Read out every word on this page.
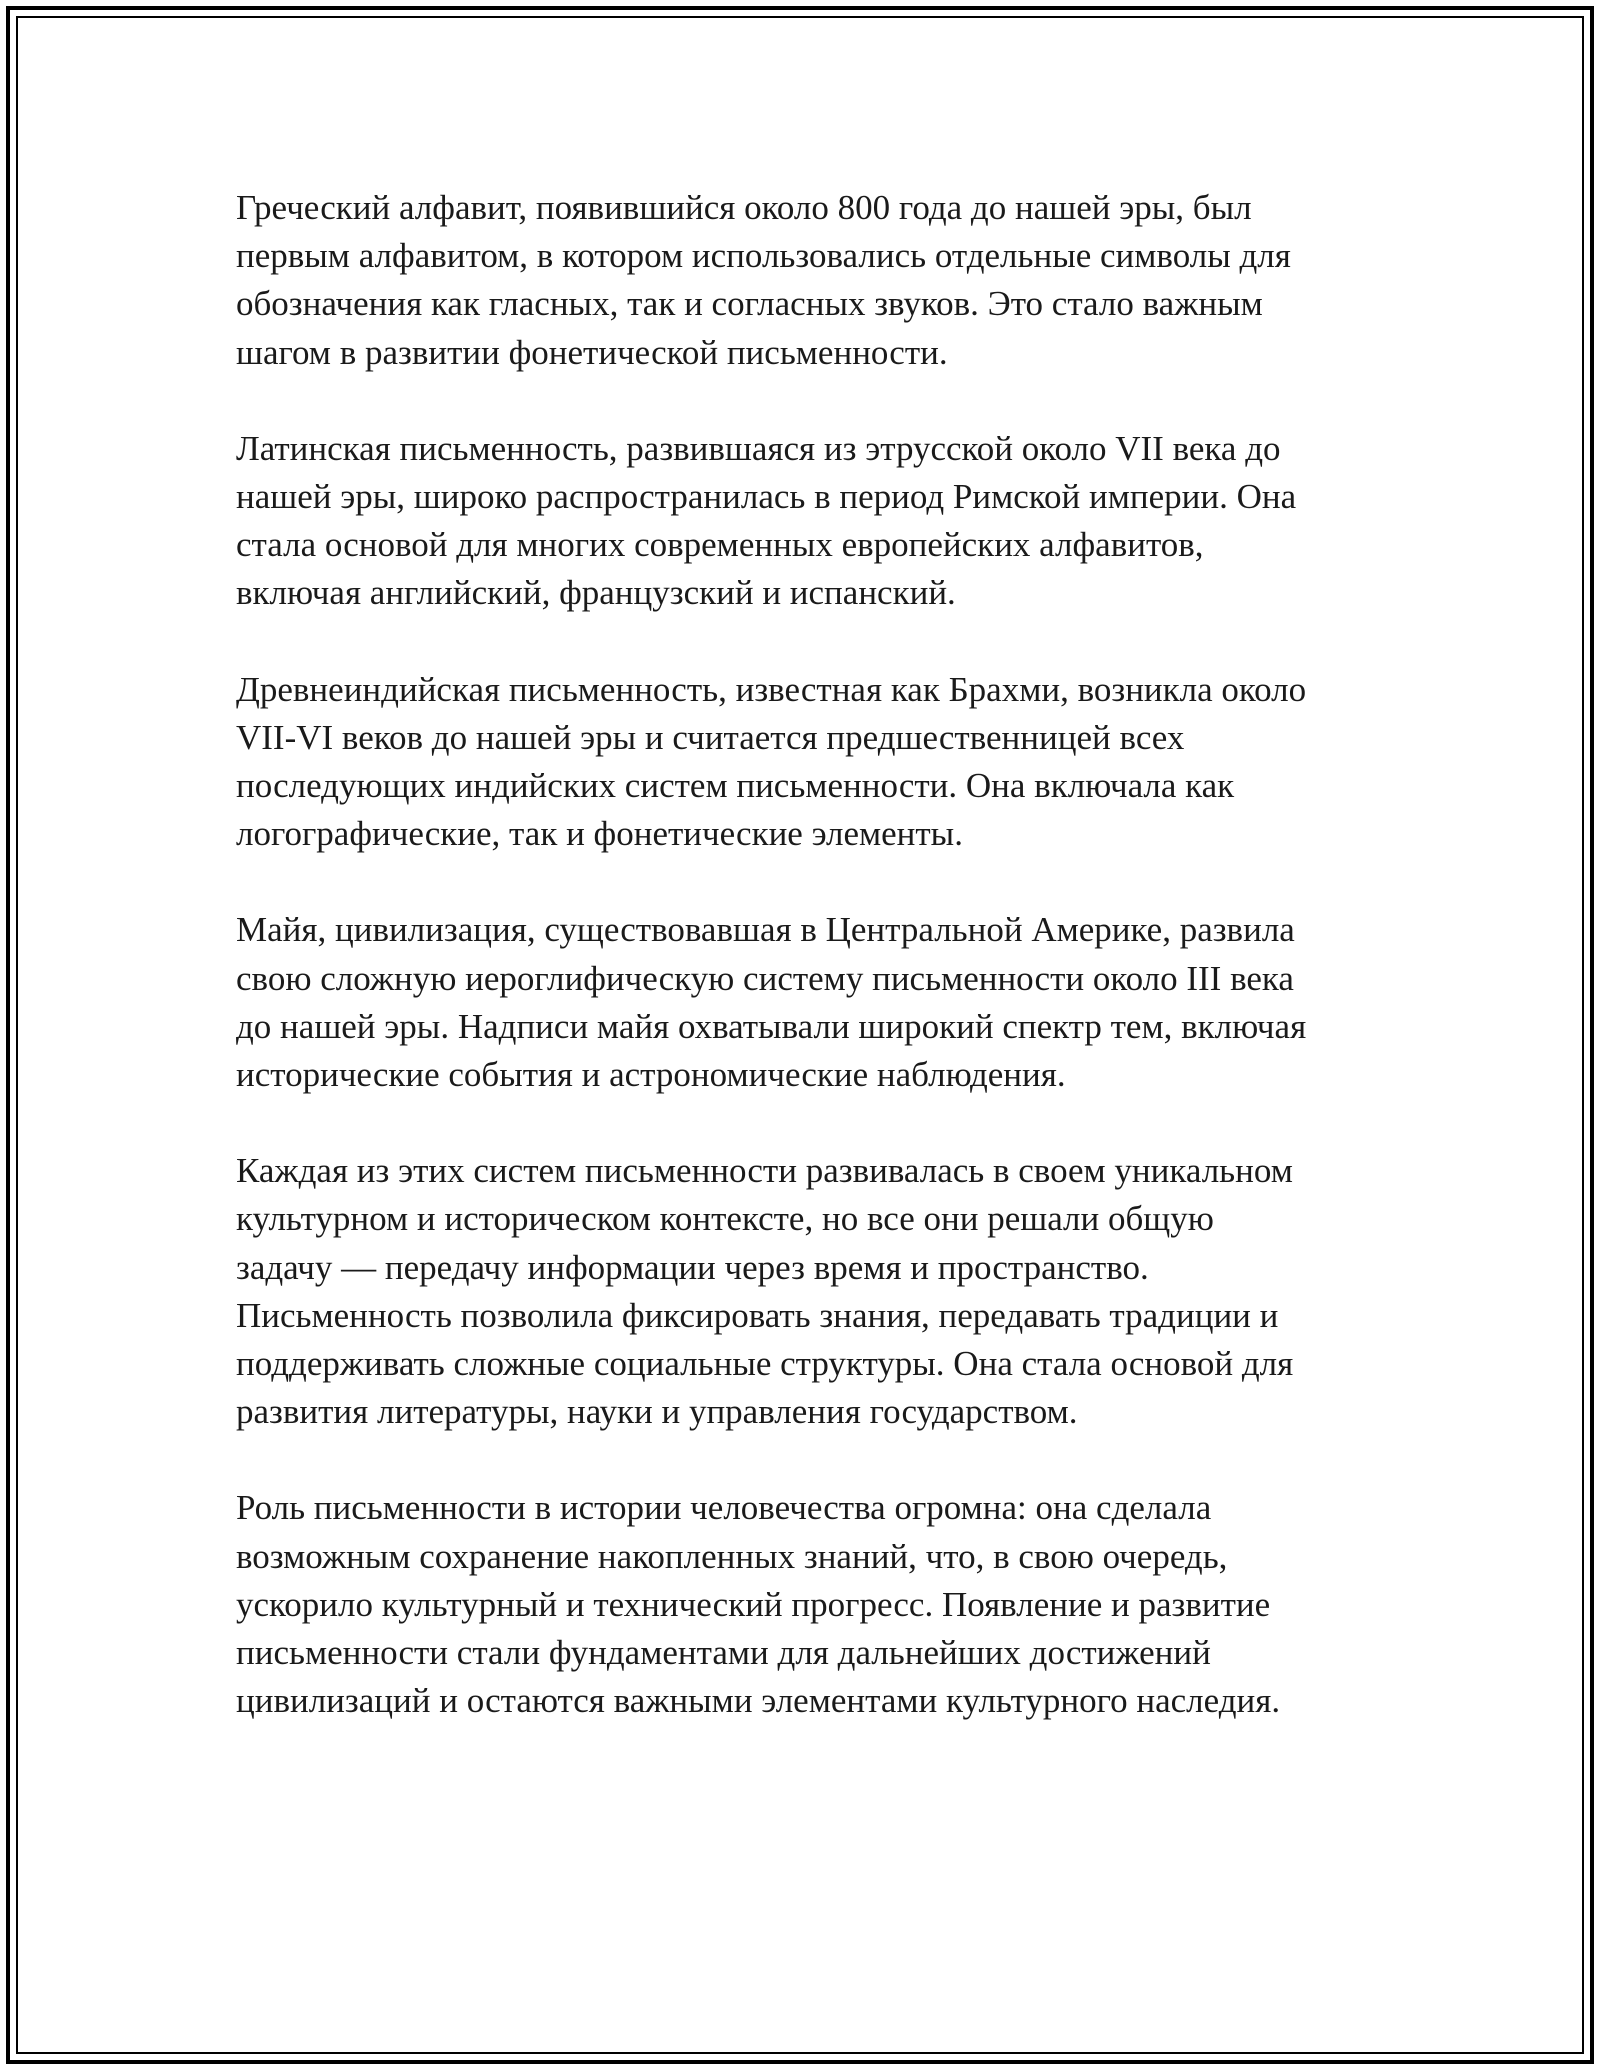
Греческий алфавит, появившийся около 800 года до нашей эры, был
первым алфавитом, в котором использовались отдельные символы для
обозначения как гласных, так и согласных звуков. Это стало важным
шагом в развитии фонетической письменности.

Латинская письменность, развившаяся из этрусской около VII века до
нашей эры, широко распространилась в период Римской империи. Она
стала основой для многих современных европейских алфавитов,
включая английский, французский и испанский.

Древнеиндийская письменность, известная как Брахми, возникла около
VII-VI веков до нашей эры и считается предшественницей всех
последующих индийских систем письменности. Она включала как
логографические, так и фонетические элементы.

Майя, цивилизация, существовавшая в Центральной Америке, развила
свою сложную иероглифическую систему письменности около III века
до нашей эры. Надписи майя охватывали широкий спектр тем, включая
исторические события и астрономические наблюдения.

Каждая из этих систем письменности развивалась в своем уникальном
культурном и историческом контексте, но все они решали общую
задачу — передачу информации через время и пространство.
Письменность позволила фиксировать знания, передавать традиции и
поддерживать сложные социальные структуры. Она стала основой для
развития литературы, науки и управления государством.

Роль письменности в истории человечества огромна: она сделала
возможным сохранение накопленных знаний, что, в свою очередь,
ускорило культурный и технический прогресс. Появление и развитие
письменности стали фундаментами для дальнейших достижений
цивилизаций и остаются важными элементами культурного наследия.
